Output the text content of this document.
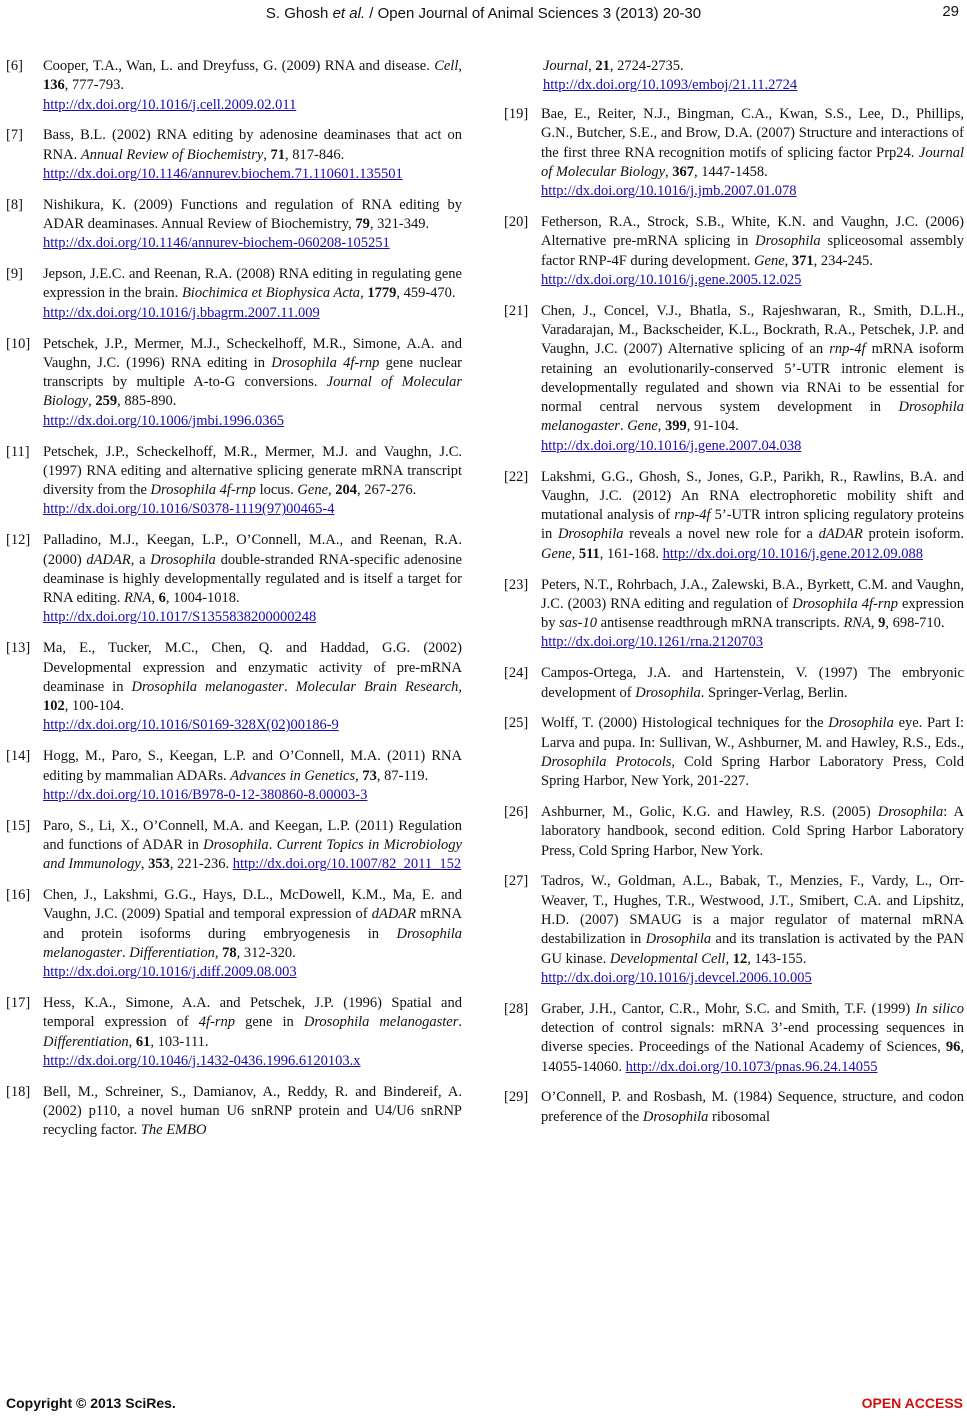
S. Ghosh et al. / Open Journal of Animal Sciences 3 (2013) 20-30	29
[6]	Cooper, T.A., Wan, L. and Dreyfuss, G. (2009) RNA and disease. Cell, 136, 777-793.
http://dx.doi.org/10.1016/j.cell.2009.02.011
[7]	Bass, B.L. (2002) RNA editing by adenosine deaminases that act on RNA. Annual Review of Biochemistry, 71, 817-846.
http://dx.doi.org/10.1146/annurev.biochem.71.110601.135501
[8]	Nishikura, K. (2009) Functions and regulation of RNA editing by ADAR deaminases. Annual Review of Biochemistry, 79, 321-349.
http://dx.doi.org/10.1146/annurev-biochem-060208-105251
[9]	Jepson, J.E.C. and Reenan, R.A. (2008) RNA editing in regulating gene expression in the brain. Biochimica et Biophysica Acta, 1779, 459-470.
http://dx.doi.org/10.1016/j.bbagrm.2007.11.009
[10] Petschek, J.P., Mermer, M.J., Scheckelhoff, M.R., Simone, A.A. and Vaughn, J.C. (1996) RNA editing in Drosophila 4f-rnp gene nuclear transcripts by multiple A-to-G conversions. Journal of Molecular Biology, 259, 885-890.
http://dx.doi.org/10.1006/jmbi.1996.0365
[11] Petschek, J.P., Scheckelhoff, M.R., Mermer, M.J. and Vaughn, J.C. (1997) RNA editing and alternative splicing generate mRNA transcript diversity from the Drosophila 4f-rnp locus. Gene, 204, 267-276.
http://dx.doi.org/10.1016/S0378-1119(97)00465-4
[12] Palladino, M.J., Keegan, L.P., O’Connell, M.A., and Reenan, R.A. (2000) dADAR, a Drosophila double-stranded RNA-specific adenosine deaminase is highly developmentally regulated and is itself a target for RNA editing. RNA, 6, 1004-1018.
http://dx.doi.org/10.1017/S1355838200000248
[13] Ma, E., Tucker, M.C., Chen, Q. and Haddad, G.G. (2002) Developmental expression and enzymatic activity of pre-mRNA deaminase in Drosophila melanogaster. Molecular Brain Research, 102, 100-104.
http://dx.doi.org/10.1016/S0169-328X(02)00186-9
[14] Hogg, M., Paro, S., Keegan, L.P. and O’Connell, M.A. (2011) RNA editing by mammalian ADARs. Advances in Genetics, 73, 87-119.
http://dx.doi.org/10.1016/B978-0-12-380860-8.00003-3
[15] Paro, S., Li, X., O’Connell, M.A. and Keegan, L.P. (2011) Regulation and functions of ADAR in Drosophila. Current Topics in Microbiology and Immunology, 353, 221-236. http://dx.doi.org/10.1007/82_2011_152
[16] Chen, J., Lakshmi, G.G., Hays, D.L., McDowell, K.M., Ma, E. and Vaughn, J.C. (2009) Spatial and temporal expression of dADAR mRNA and protein isoforms during embryogenesis in Drosophila melanogaster. Differentiation, 78, 312-320.
http://dx.doi.org/10.1016/j.diff.2009.08.003
[17] Hess, K.A., Simone, A.A. and Petschek, J.P. (1996) Spatial and temporal expression of 4f-rnp gene in Drosophila melanogaster. Differentiation, 61, 103-111.
http://dx.doi.org/10.1046/j.1432-0436.1996.6120103.x
[18] Bell, M., Schreiner, S., Damianov, A., Reddy, R. and Bindereif, A. (2002) p110, a novel human U6 snRNP protein and U4/U6 snRNP recycling factor. The EMBO
Journal, 21, 2724-2735.
http://dx.doi.org/10.1093/emboj/21.11.2724
[19] Bae, E., Reiter, N.J., Bingman, C.A., Kwan, S.S., Lee, D., Phillips, G.N., Butcher, S.E., and Brow, D.A. (2007) Structure and interactions of the first three RNA recognition motifs of splicing factor Prp24. Journal of Molecular Biology, 367, 1447-1458.
http://dx.doi.org/10.1016/j.jmb.2007.01.078
[20] Fetherson, R.A., Strock, S.B., White, K.N. and Vaughn, J.C. (2006) Alternative pre-mRNA splicing in Drosophila spliceosomal assembly factor RNP-4F during development. Gene, 371, 234-245.
http://dx.doi.org/10.1016/j.gene.2005.12.025
[21] Chen, J., Concel, V.J., Bhatla, S., Rajeshwaran, R., Smith, D.L.H., Varadarajan, M., Backscheider, K.L., Bockrath, R.A., Petschek, J.P. and Vaughn, J.C. (2007) Alternative splicing of an rnp-4f mRNA isoform retaining an evolutionarily-conserved 5’-UTR intronic element is developmentally regulated and shown via RNAi to be essential for normal central nervous system development in Drosophila melanogaster. Gene, 399, 91-104.
http://dx.doi.org/10.1016/j.gene.2007.04.038
[22] Lakshmi, G.G., Ghosh, S., Jones, G.P., Parikh, R., Rawlins, B.A. and Vaughn, J.C. (2012) An RNA electrophoretic mobility shift and mutational analysis of rnp-4f 5’-UTR intron splicing regulatory proteins in Drosophila reveals a novel new role for a dADAR protein isoform. Gene, 511, 161-168. http://dx.doi.org/10.1016/j.gene.2012.09.088
[23] Peters, N.T., Rohrbach, J.A., Zalewski, B.A., Byrkett, C.M. and Vaughn, J.C. (2003) RNA editing and regulation of Drosophila 4f-rnp expression by sas-10 antisense readthrough mRNA transcripts. RNA, 9, 698-710.
http://dx.doi.org/10.1261/rna.2120703
[24] Campos-Ortega, J.A. and Hartenstein, V. (1997) The embryonic development of Drosophila. Springer-Verlag, Berlin.
[25] Wolff, T. (2000) Histological techniques for the Drosophila eye. Part I: Larva and pupa. In: Sullivan, W., Ashburner, M. and Hawley, R.S., Eds., Drosophila Protocols, Cold Spring Harbor Laboratory Press, Cold Spring Harbor, New York, 201-227.
[26] Ashburner, M., Golic, K.G. and Hawley, R.S. (2005) Drosophila: A laboratory handbook, second edition. Cold Spring Harbor Laboratory Press, Cold Spring Harbor, New York.
[27] Tadros, W., Goldman, A.L., Babak, T., Menzies, F., Vardy, L., Orr-Weaver, T., Hughes, T.R., Westwood, J.T., Smibert, C.A. and Lipshitz, H.D. (2007) SMAUG is a major regulator of maternal mRNA destabilization in Drosophila and its translation is activated by the PAN GU kinase. Developmental Cell, 12, 143-155.
http://dx.doi.org/10.1016/j.devcel.2006.10.005
[28] Graber, J.H., Cantor, C.R., Mohr, S.C. and Smith, T.F. (1999) In silico detection of control signals: mRNA 3’-end processing sequences in diverse species. Proceedings of the National Academy of Sciences, 96, 14055-14060. http://dx.doi.org/10.1073/pnas.96.24.14055
[29] O’Connell, P. and Rosbash, M. (1984) Sequence, structure, and codon preference of the Drosophila ribosomal
Copyright © 2013 SciRes.	OPEN ACCESS
